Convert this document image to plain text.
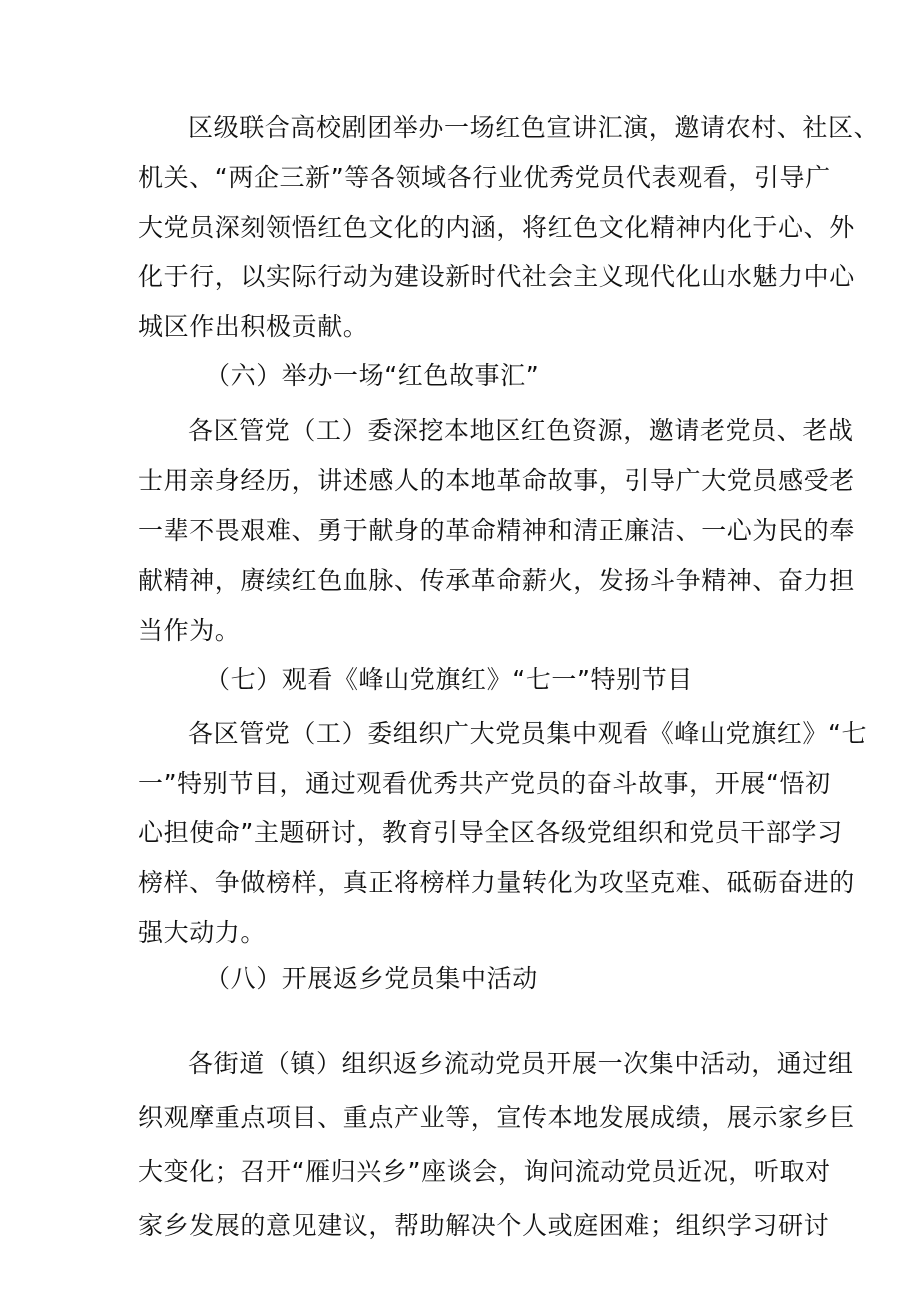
区级联合高校剧团举办一场红色宣讲汇演，邀请农村、社区、
机关、“两企三新”等各领域各行业优秀党员代表观看，引导广
大党员深刻领悟红色文化的内涵，将红色文化精神内化于心、外
化于行，以实际行动为建设新时代社会主义现代化山水魅力中心
城区作出积极贡献。
（六）举办一场“红色故事汇”
各区管党（工）委深挖本地区红色资源，邀请老党员、老战
士用亲身经历，讲述感人的本地革命故事，引导广大党员感受老
一辈不畏艰难、勇于献身的革命精神和清正廉洁、一心为民的奉
献精神，赓续红色血脉、传承革命薪火，发扬斗争精神、奋力担
当作为。
（七）观看《峰山党旗红》“七一”特别节目
各区管党（工）委组织广大党员集中观看《峰山党旗红》“七
一”特别节目，通过观看优秀共产党员的奋斗故事，开展“悟初
心担使命”主题研讨，教育引导全区各级党组织和党员干部学习
榜样、争做榜样，真正将榜样力量转化为攻坚克难、砥砺奋进的
强大动力。
（八）开展返乡党员集中活动
各街道（镇）组织返乡流动党员开展一次集中活动，通过组
织观摩重点项目、重点产业等，宣传本地发展成绩，展示家乡巨
大变化；召开“雁归兴乡”座谈会，询问流动党员近况，听取对
家乡发展的意见建议，帮助解决个人或庭困难；组织学习研讨
